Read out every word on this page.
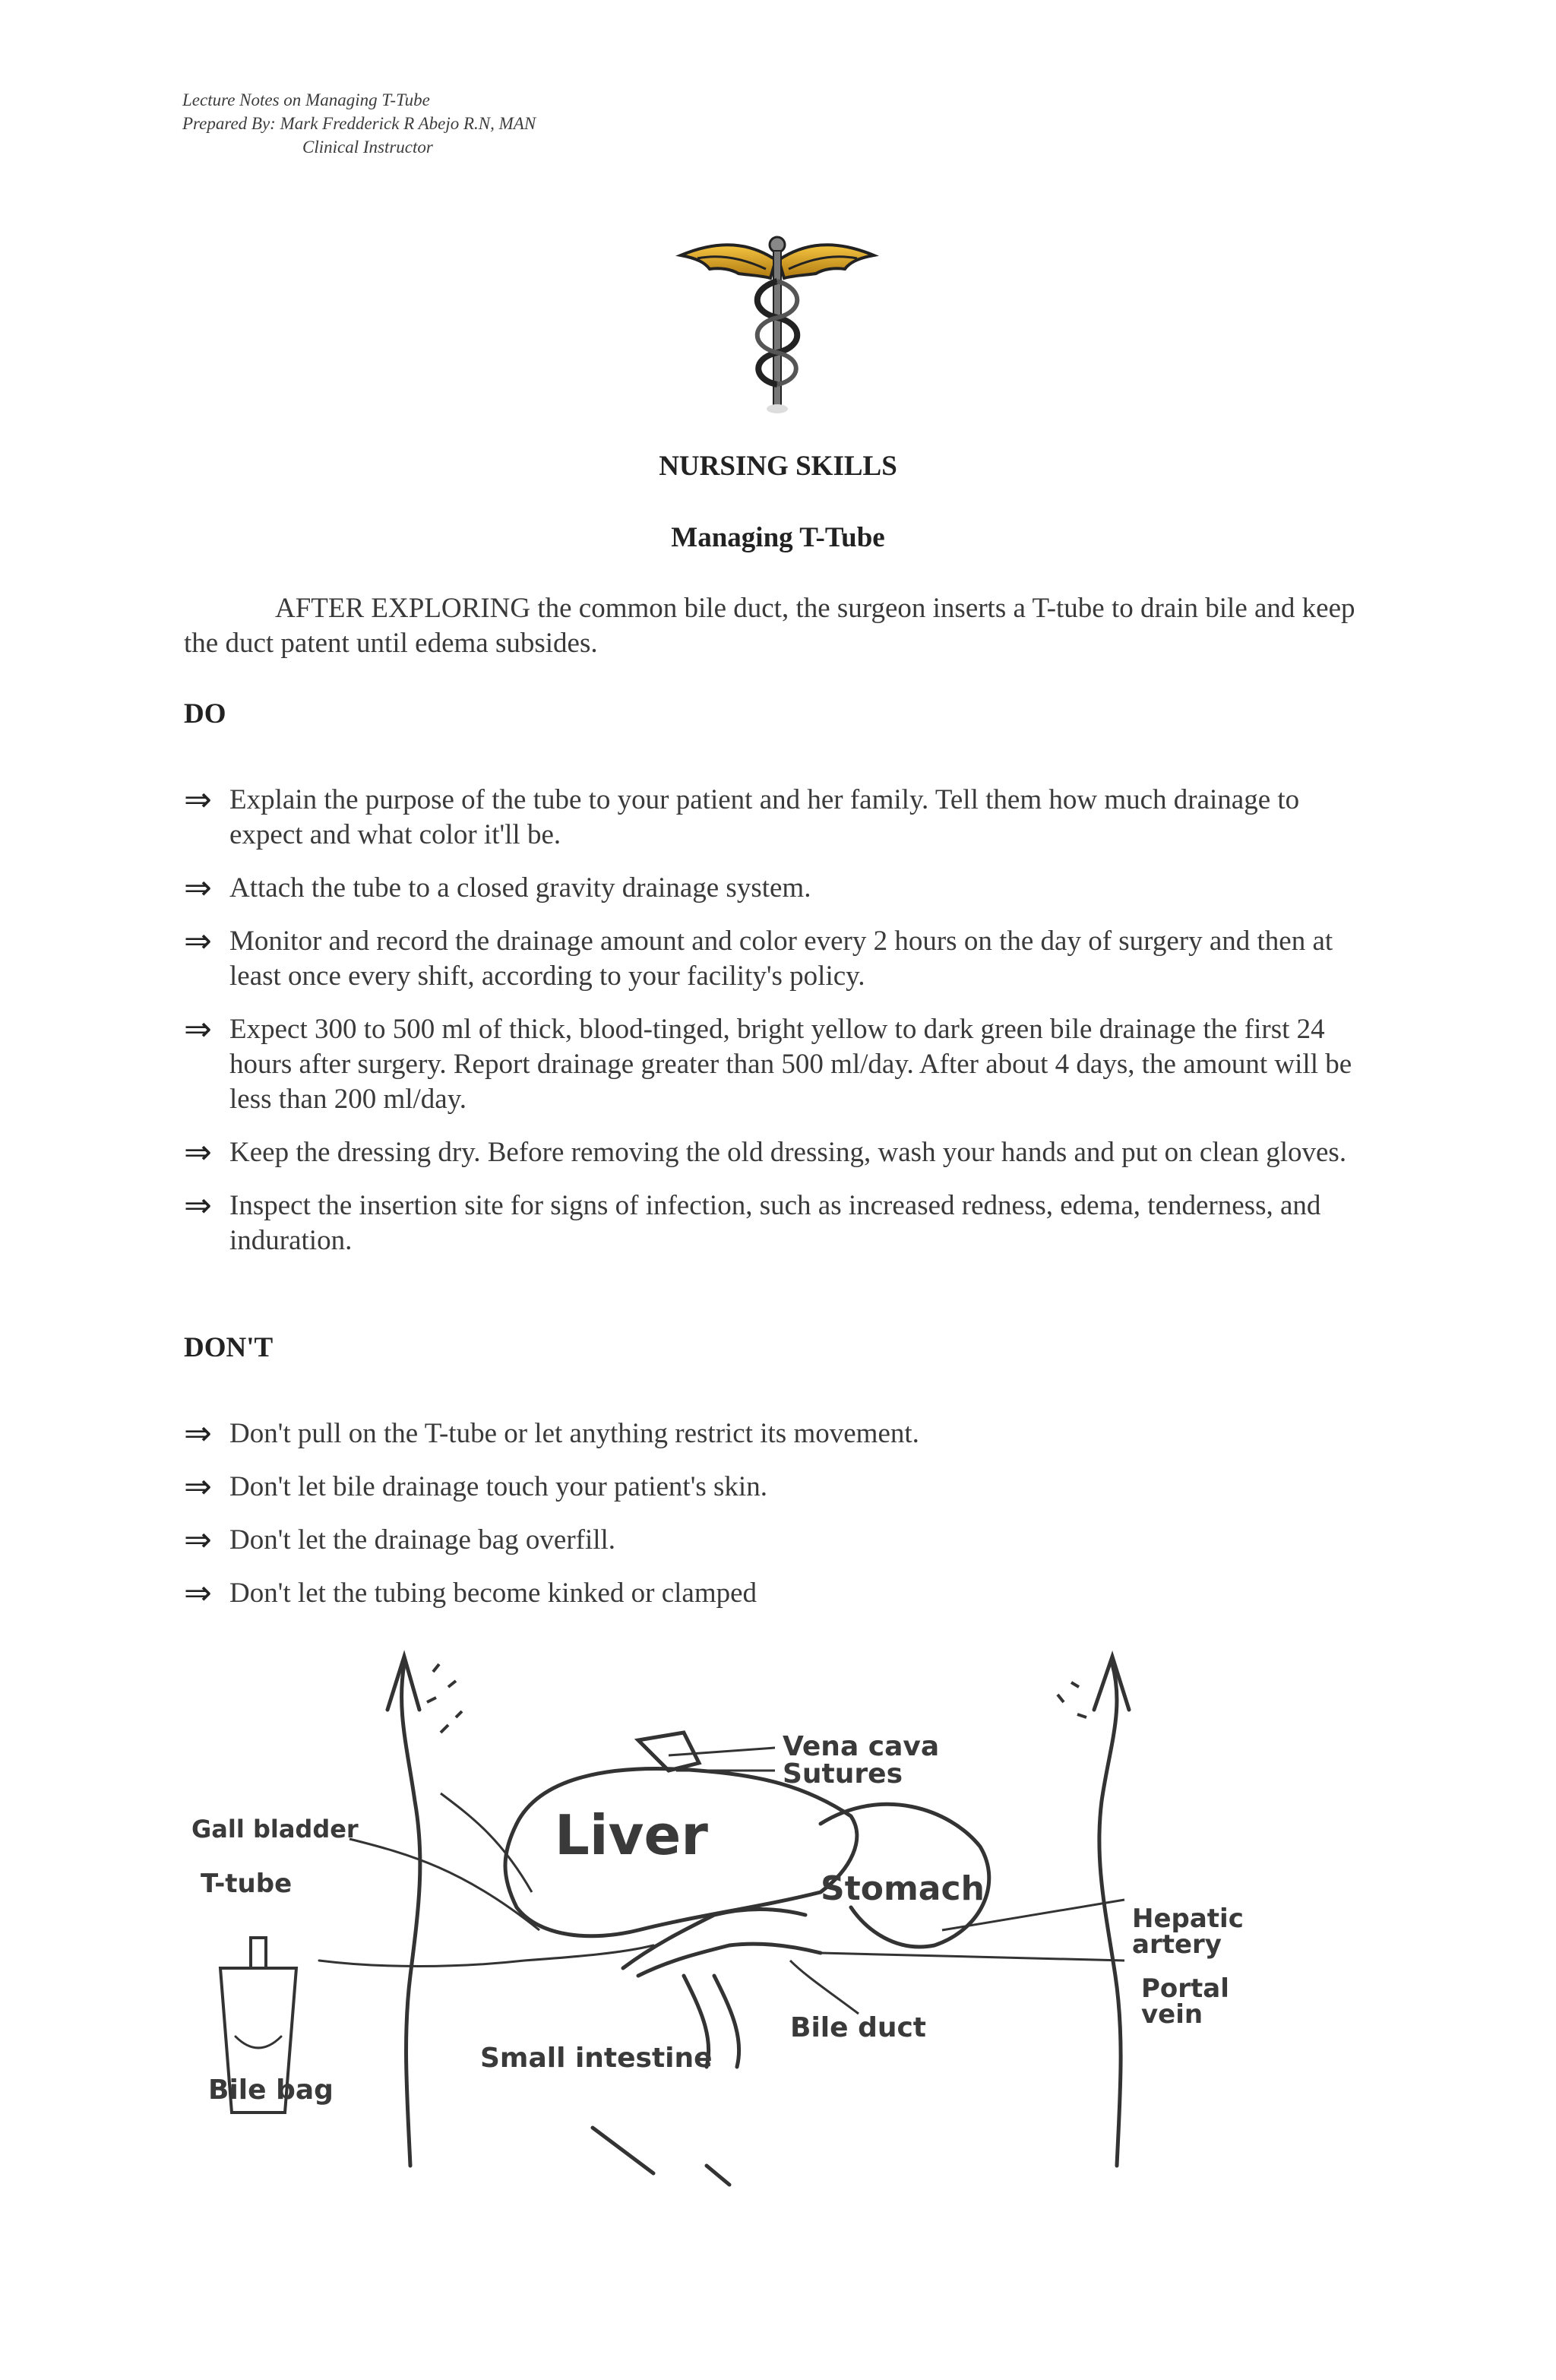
Lecture Notes on Managing T-Tube
Prepared By: Mark Fredderick R Abejo R.N, MAN
Clinical Instructor
NURSING SKILLS
Managing T-Tube
AFTER EXPLORING the common bile duct, the surgeon inserts a T-tube to drain bile and keep the duct patent until edema subsides.
DO
⇒ Explain the purpose of the tube to your patient and her family. Tell them how much drainage to expect and what color it'll be.
⇒ Attach the tube to a closed gravity drainage system.
⇒ Monitor and record the drainage amount and color every 2 hours on the day of surgery and then at least once every shift, according to your facility's policy.
⇒ Expect 300 to 500 ml of thick, blood-tinged, bright yellow to dark green bile drainage the first 24 hours after surgery. Report drainage greater than 500 ml/day. After about 4 days, the amount will be less than 200 ml/day.
⇒ Keep the dressing dry. Before removing the old dressing, wash your hands and put on clean gloves.
⇒ Inspect the insertion site for signs of infection, such as increased redness, edema, tenderness, and induration.
DON'T
⇒ Don't pull on the T-tube or let anything restrict its movement.
⇒ Don't let bile drainage touch your patient's skin.
⇒ Don't let the drainage bag overfill.
⇒ Don't let the tubing become kinked or clamped
Vena cava
Sutures
Gall bladder	Liver
T-tube	Stomach
Hepatic
artery
Portal
vein
Bile duct
Small intestine
Bile bag
